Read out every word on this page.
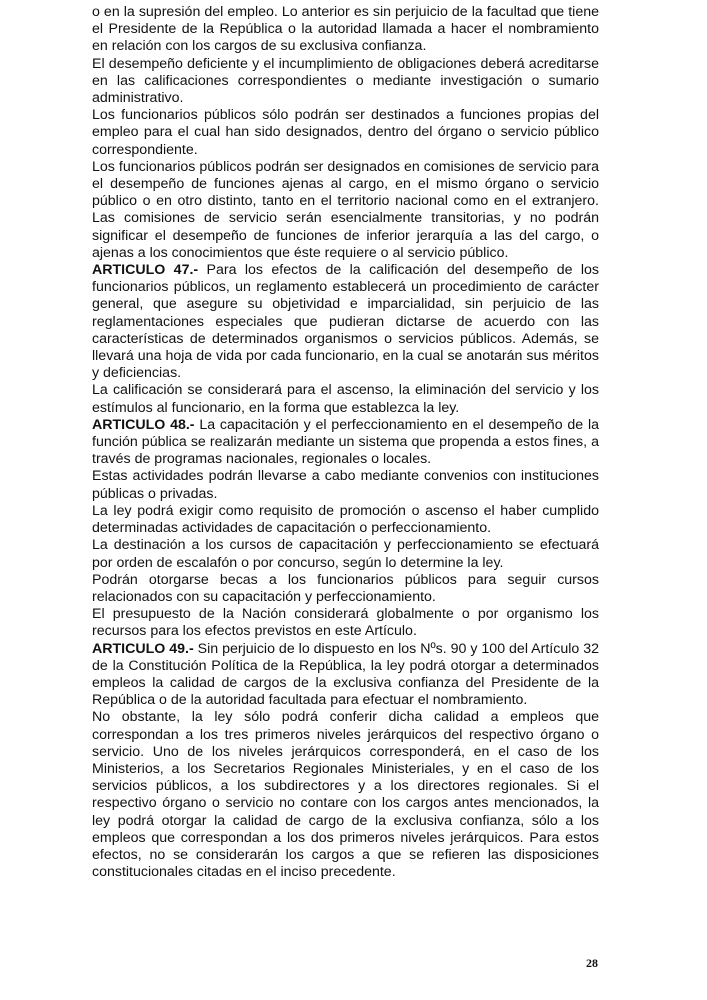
o en la supresión del empleo. Lo anterior es sin perjuicio de la facultad que tiene el Presidente de la República o la autoridad llamada a hacer el nombramiento en relación con los cargos de su exclusiva confianza.

El desempeño deficiente y el incumplimiento de obligaciones deberá acreditarse en las calificaciones correspondientes o mediante investigación o sumario administrativo.

Los funcionarios públicos sólo podrán ser destinados a funciones propias del empleo para el cual han sido designados, dentro del órgano o servicio público correspondiente.

Los funcionarios públicos podrán ser designados en comisiones de servicio para el desempeño de funciones ajenas al cargo, en el mismo órgano o servicio público o en otro distinto, tanto en el territorio nacional como en el extranjero. Las comisiones de servicio serán esencialmente transitorias, y no podrán significar el desempeño de funciones de inferior jerarquía a las del cargo, o ajenas a los conocimientos que éste requiere o al servicio público.

ARTICULO 47.- Para los efectos de la calificación del desempeño de los funcionarios públicos, un reglamento establecerá un procedimiento de carácter general, que asegure su objetividad e imparcialidad, sin perjuicio de las reglamentaciones especiales que pudieran dictarse de acuerdo con las características de determinados organismos o servicios públicos. Además, se llevará una hoja de vida por cada funcionario, en la cual se anotarán sus méritos y deficiencias.

La calificación se considerará para el ascenso, la eliminación del servicio y los estímulos al funcionario, en la forma que establezca la ley.

ARTICULO 48.- La capacitación y el perfeccionamiento en el desempeño de la función pública se realizarán mediante un sistema que propenda a estos fines, a través de programas nacionales, regionales o locales.

Estas actividades podrán llevarse a cabo mediante convenios con instituciones públicas o privadas.

La ley podrá exigir como requisito de promoción o ascenso el haber cumplido determinadas actividades de capacitación o perfeccionamiento.

La destinación a los cursos de capacitación y perfeccionamiento se efectuará por orden de escalafón o por concurso, según lo determine la ley.

Podrán otorgarse becas a los funcionarios públicos para seguir cursos relacionados con su capacitación y perfeccionamiento.

El presupuesto de la Nación considerará globalmente o por organismo los recursos para los efectos previstos en este Artículo.

ARTICULO 49.- Sin perjuicio de lo dispuesto en los Nºs. 90 y 100 del Artículo 32 de la Constitución Política de la República, la ley podrá otorgar a determinados empleos la calidad de cargos de la exclusiva confianza del Presidente de la República o de la autoridad facultada para efectuar el nombramiento.

No obstante, la ley sólo podrá conferir dicha calidad a empleos que correspondan a los tres primeros niveles jerárquicos del respectivo órgano o servicio. Uno de los niveles jerárquicos corresponderá, en el caso de los Ministerios, a los Secretarios Regionales Ministeriales, y en el caso de los servicios públicos, a los subdirectores y a los directores regionales. Si el respectivo órgano o servicio no contare con los cargos antes mencionados, la ley podrá otorgar la calidad de cargo de la exclusiva confianza, sólo a los empleos que correspondan a los dos primeros niveles jerárquicos. Para estos efectos, no se considerarán los cargos a que se refieren las disposiciones constitucionales citadas en el inciso precedente.

28
